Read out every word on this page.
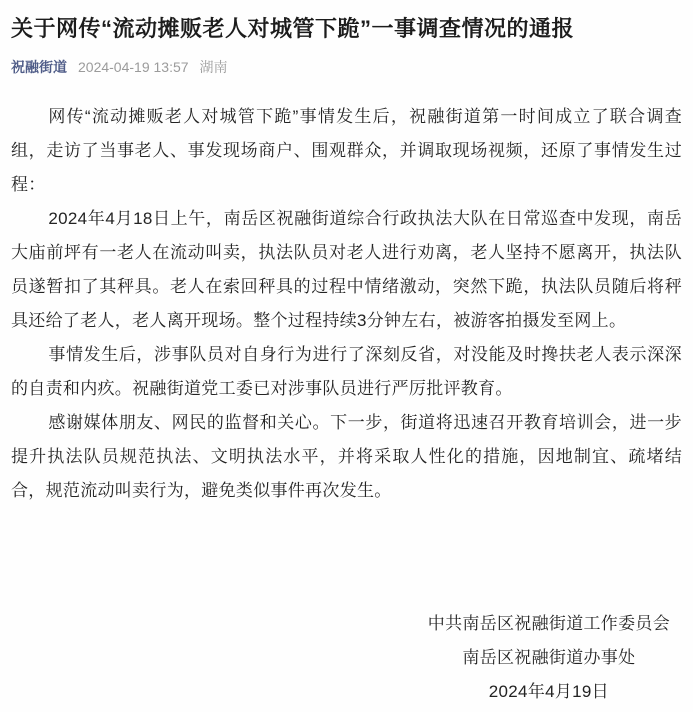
关于网传“流动摊贩老人对城管下跪”一事调查情况的通报
祝融街道 2024-04-19 13:57 湖南

网传“流动摊贩老人对城管下跪”事情发生后，祝融街道第一时间成立了联合调查组，走访了当事老人、事发现场商户、围观群众，并调取现场视频，还原了事情发生过程：

2024年4月18日上午，南岳区祝融街道综合行政执法大队在日常巡查中发现，南岳大庙前坪有一老人在流动叫卖，执法队员对老人进行劝离，老人坚持不愿离开，执法队员遂暂扣了其秤具。老人在索回秤具的过程中情绪激动，突然下跪，执法队员随后将秤具还给了老人，老人离开现场。整个过程持续3分钟左右，被游客拍摄发至网上。

事情发生后，涉事队员对自身行为进行了深刻反省，对没能及时搀扶老人表示深深的自责和内疚。祝融街道党工委已对涉事队员进行严厉批评教育。

感谢媒体朋友、网民的监督和关心。下一步，街道将迅速召开教育培训会，进一步提升执法队员规范执法、文明执法水平，并将采取人性化的措施，因地制宜、疏堵结合，规范流动叫卖行为，避免类似事件再次发生。

中共南岳区祝融街道工作委员会
南岳区祝融街道办事处
2024年4月19日
